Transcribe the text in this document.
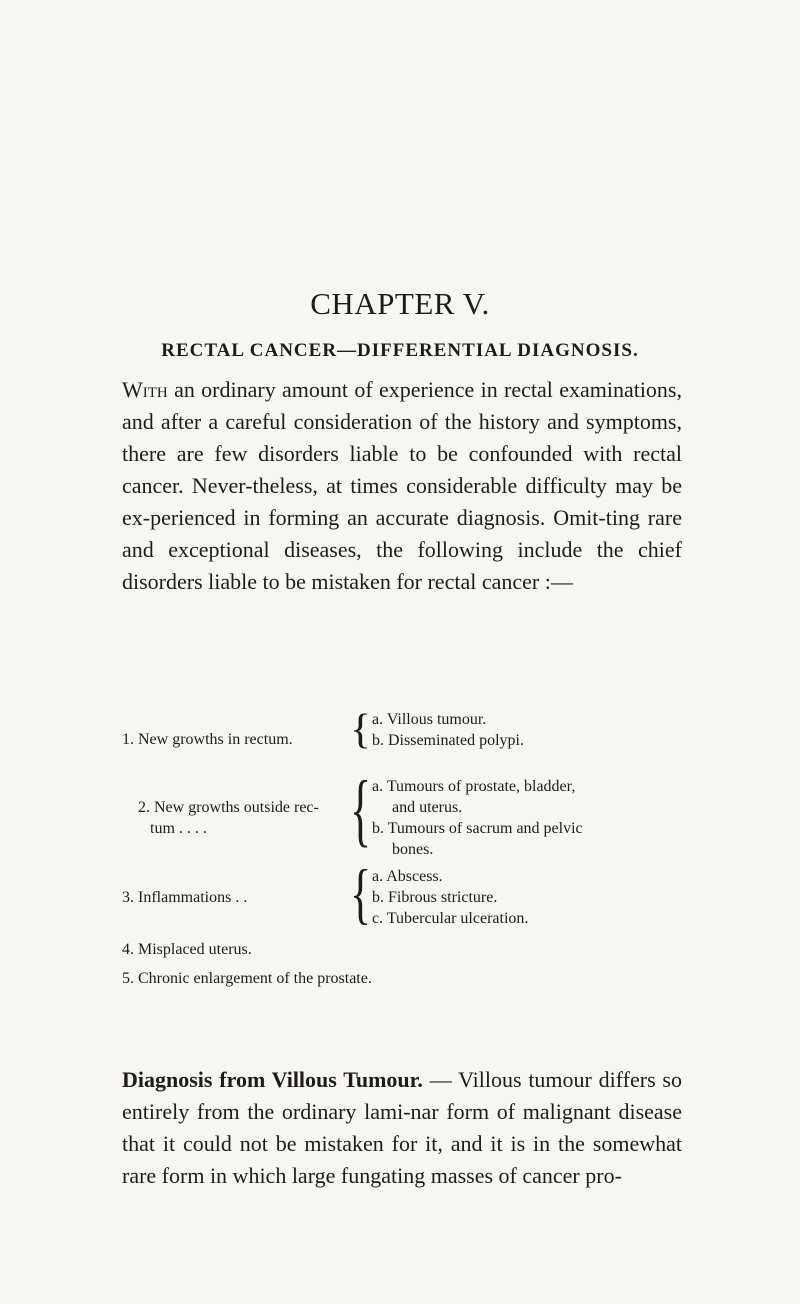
CHAPTER V.
RECTAL CANCER—DIFFERENTIAL DIAGNOSIS.
With an ordinary amount of experience in rectal examinations, and after a careful consideration of the history and symptoms, there are few disorders liable to be confounded with rectal cancer. Never-theless, at times considerable difficulty may be ex-perienced in forming an accurate diagnosis. Omit-ting rare and exceptional diseases, the following include the chief disorders liable to be mistaken for rectal cancer :—
1. New growths in rectum.	{ a. Villous tumour.
b. Disseminated polypi.
2. New growths outside rec-
tum . . . .	{ a. Tumours of prostate, bladder,
and uterus.
b. Tumours of sacrum and pelvic
bones.
3. Inflammations . .	{ a. Abscess.
b. Fibrous stricture.
c. Tubercular ulceration.
4. Misplaced uterus.
5. Chronic enlargement of the prostate.
Diagnosis from Villous Tumour. — Villous tumour differs so entirely from the ordinary lami-nar form of malignant disease that it could not be mistaken for it, and it is in the somewhat rare form in which large fungating masses of cancer pro-
